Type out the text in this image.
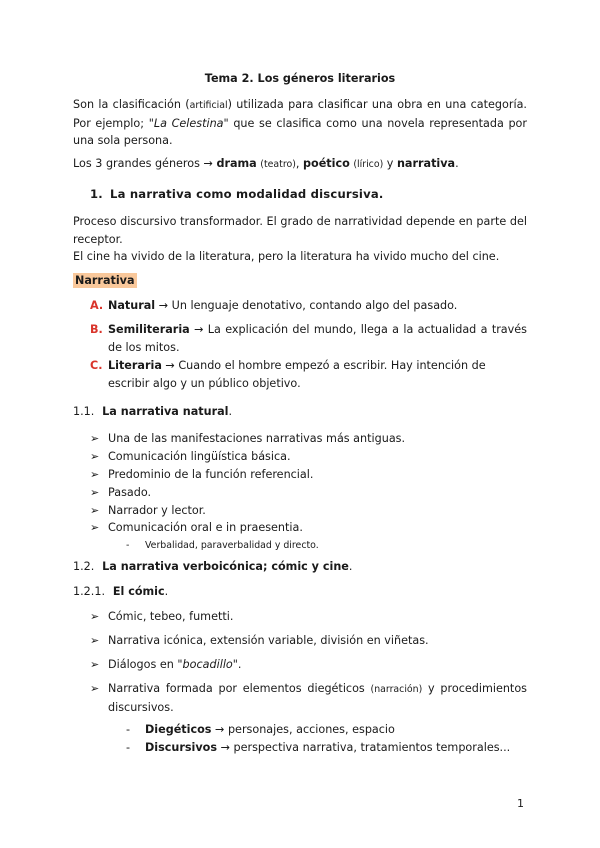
Tema 2. Los géneros literarios
Son la clasificación (artificial) utilizada para clasificar una obra en una categoría. Por ejemplo; "La Celestina" que se clasifica como una novela representada por una sola persona.
Los 3 grandes géneros → drama (teatro), poético (lírico) y narrativa.
1. La narrativa como modalidad discursiva.
Proceso discursivo transformador. El grado de narratividad depende en parte del receptor.
El cine ha vivido de la literatura, pero la literatura ha vivido mucho del cine.
Narrativa
A. Natural → Un lenguaje denotativo, contando algo del pasado.
B. Semiliteraria → La explicación del mundo, llega a la actualidad a través de los mitos.
C. Literaria → Cuando el hombre empezó a escribir. Hay intención de escribir algo y un público objetivo.
1.1. La narrativa natural.
➢ Una de las manifestaciones narrativas más antiguas.
➢ Comunicación lingüística básica.
➢ Predominio de la función referencial.
➢ Pasado.
➢ Narrador y lector.
➢ Comunicación oral e in praesentia.
- Verbalidad, paraverbalidad y directo.
1.2. La narrativa verboicónica; cómic y cine.
1.2.1. El cómic.
➢ Cómic, tebeo, fumetti.
➢ Narrativa icónica, extensión variable, división en viñetas.
➢ Diálogos en "bocadillo".
➢ Narrativa formada por elementos diegéticos (narración) y procedimientos discursivos.
- Diegéticos → personajes, acciones, espacio
- Discursivos → perspectiva narrativa, tratamientos temporales...
1
